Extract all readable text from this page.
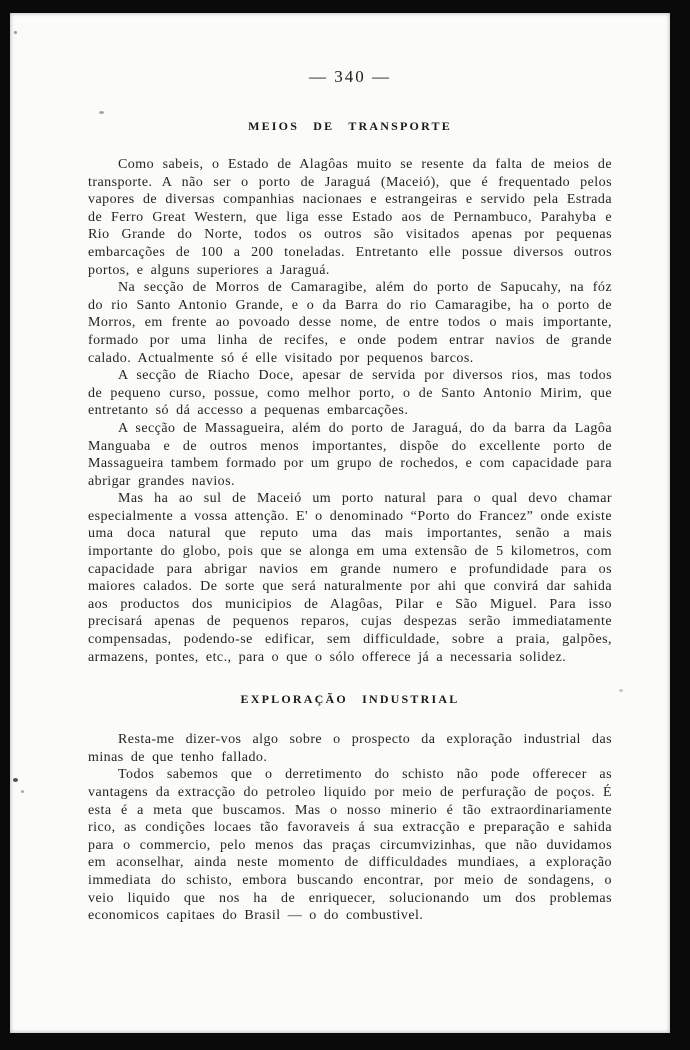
— 340 —
MEIOS DE TRANSPORTE

Como sabeis, o Estado de Alagôas muito se resente da falta de meios de transporte. A não ser o porto de Jaraguá (Maceió), que é frequentado pelos vapores de diversas companhias nacionaes e estrangeiras e servido pela Estrada de Ferro Great Western, que liga esse Estado aos de Pernambuco, Parahyba e Rio Grande do Norte, todos os outros são visitados apenas por pequenas embarcações de 100 a 200 toneladas. Entretanto elle possue diversos outros portos, e alguns superiores a Jaraguá.

Na secção de Morros de Camaragibe, além do porto de Sapucahy, na fóz do rio Santo Antonio Grande, e o da Barra do rio Camaragibe, ha o porto de Morros, em frente ao povoado desse nome, de entre todos o mais importante, formado por uma linha de recifes, e onde podem entrar navios de grande calado. Actualmente só é elle visitado por pequenos barcos.

A secção de Riacho Doce, apesar de servida por diversos rios, mas todos de pequeno curso, possue, como melhor porto, o de Santo Antonio Mirim, que entretanto só dá accesso a pequenas embarcações.

A secção de Massagueira, além do porto de Jaraguá, do da barra da Lagôa Manguaba e de outros menos importantes, dispõe do excellente porto de Massagueira tambem formado por um grupo de rochedos, e com capacidade para abrigar grandes navios.

Mas ha ao sul de Maceió um porto natural para o qual devo chamar especialmente a vossa attenção. E' o denominado “Porto do Francez” onde existe uma doca natural que reputo uma das mais importantes, senão a mais importante do globo, pois que se alonga em uma extensão de 5 kilometros, com capacidade para abrigar navios em grande numero e profundidade para os maiores calados. De sorte que será naturalmente por ahi que convirá dar sahida aos productos dos municipios de Alagôas, Pilar e São Miguel. Para isso precisará apenas de pequenos reparos, cujas despezas serão immediatamente compensadas, podendo-se edificar, sem difficuldade, sobre a praia, galpões, armazens, pontes, etc., para o que o sólo offerece já a necessaria solidez.

EXPLORAÇÃO INDUSTRIAL

Resta-me dizer-vos algo sobre o prospecto da exploração industrial das minas de que tenho fallado.

Todos sabemos que o derretimento do schisto não pode offerecer as vantagens da extracção do petroleo liquido por meio de perfuração de poços. É esta é a meta que buscamos. Mas o nosso minerio é tão extraordinariamente rico, as condições locaes tão favoraveis á sua extracção e preparação e sahida para o commercio, pelo menos das praças circumvizinhas, que não duvidamos em aconselhar, ainda neste momento de difficuldades mundiaes, a exploração immediata do schisto, embora buscando encontrar, por meio de sondagens, o veio liquido que nos ha de enriquecer, solucionando um dos problemas economicos capitaes do Brasil — o do combustivel.
